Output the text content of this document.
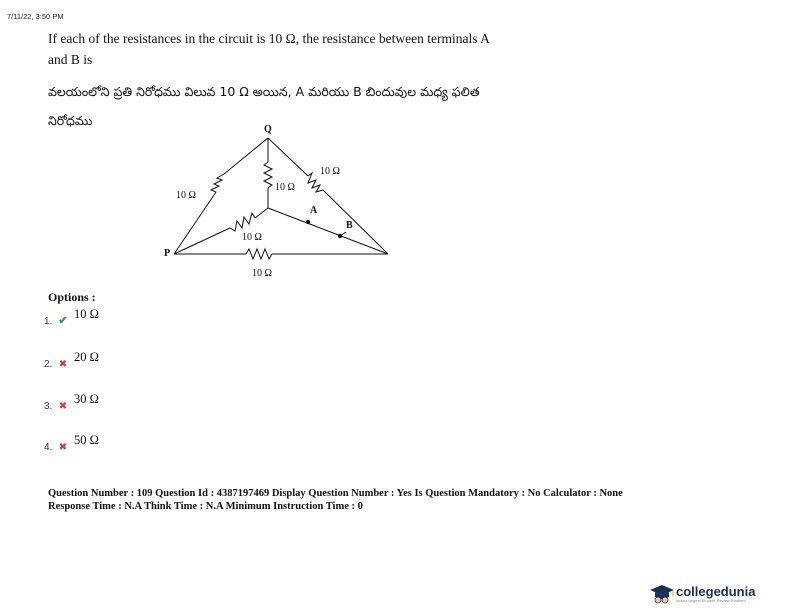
7/11/22, 3:50 PM
If each of the resistances in the circuit is 10 Ω, the resistance between terminals A
and B is
వలయంలోని ప్రతి నిరోధము విలువ 10 Ω అయిన, A మరియు B బిందువుల మధ్య ఫలిత
నిరోధము
Q
P
A
B
10 Ω
10 Ω
10 Ω
10 Ω
10 Ω
Options :
1. ✔ 10 Ω
2. ✖
20 Ω
3. ✖
30 Ω
4. ✖
50 Ω
Question Number : 109 Question Id : 4387197469 Display Question Number : Yes Is Question Mandatory : No Calculator : None
Response Time : N.A Think Time : N.A Minimum Instruction Time : 0
collegedunia
India's largest Student Review Platform
